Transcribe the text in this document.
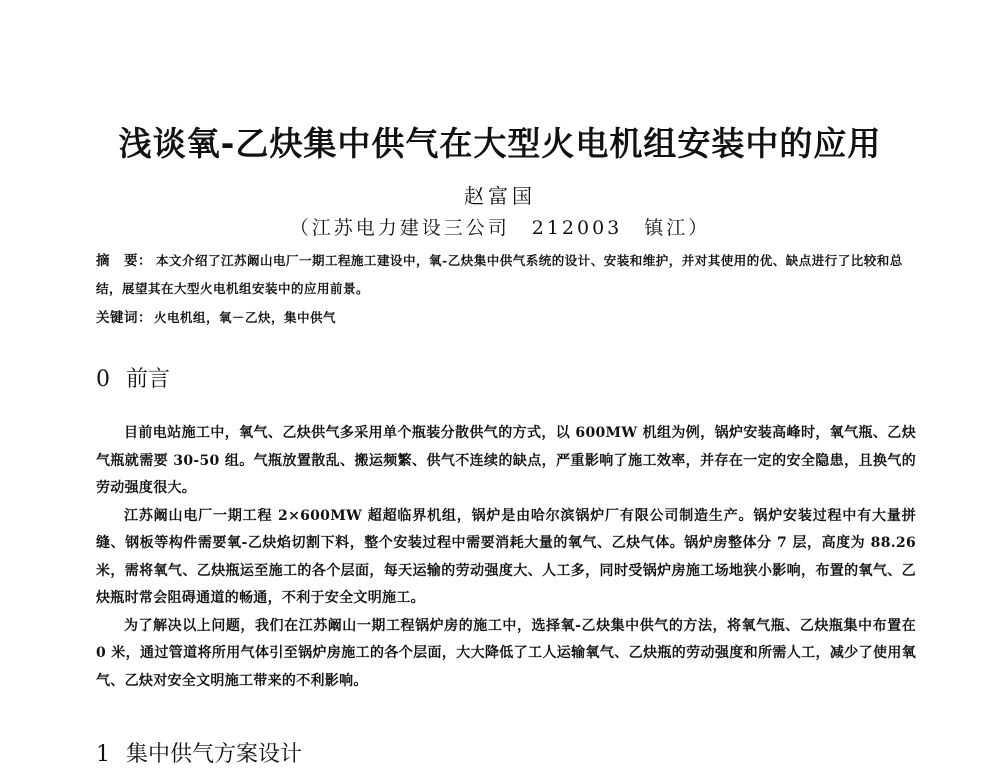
浅谈氧-乙炔集中供气在大型火电机组安装中的应用
赵富国
（江苏电力建设三公司　212003　镇江）
摘　要： 本文介绍了江苏阚山电厂一期工程施工建设中，氧-乙炔集中供气系统的设计、安装和维护，并对其使用的优、缺点进行了比较和总结，展望其在大型火电机组安装中的应用前景。
关键词： 火电机组，氧－乙炔，集中供气
0 前言

目前电站施工中，氧气、乙炔供气多采用单个瓶装分散供气的方式，以 600MW 机组为例，锅炉安装高峰时，氧气瓶、乙炔气瓶就需要 30-50 组。气瓶放置散乱、搬运频繁、供气不连续的缺点，严重影响了施工效率，并存在一定的安全隐患，且换气的劳动强度很大。

江苏阚山电厂一期工程 2×600MW 超超临界机组，锅炉是由哈尔滨锅炉厂有限公司制造生产。锅炉安装过程中有大量拼缝、钢板等构件需要氧-乙炔焰切割下料，整个安装过程中需要消耗大量的氧气、乙炔气体。锅炉房整体分 7 层，高度为 88.26 米，需将氧气、乙炔瓶运至施工的各个层面，每天运输的劳动强度大、人工多，同时受锅炉房施工场地狭小影响，布置的氧气、乙炔瓶时常会阻碍通道的畅通，不利于安全文明施工。

为了解决以上问题，我们在江苏阚山一期工程锅炉房的施工中，选择氧-乙炔集中供气的方法，将氧气瓶、乙炔瓶集中布置在 0 米，通过管道将所用气体引至锅炉房施工的各个层面，大大降低了工人运输氧气、乙炔瓶的劳动强度和所需人工，减少了使用氧气、乙炔对安全文明施工带来的不利影响。

1 集中供气方案设计
